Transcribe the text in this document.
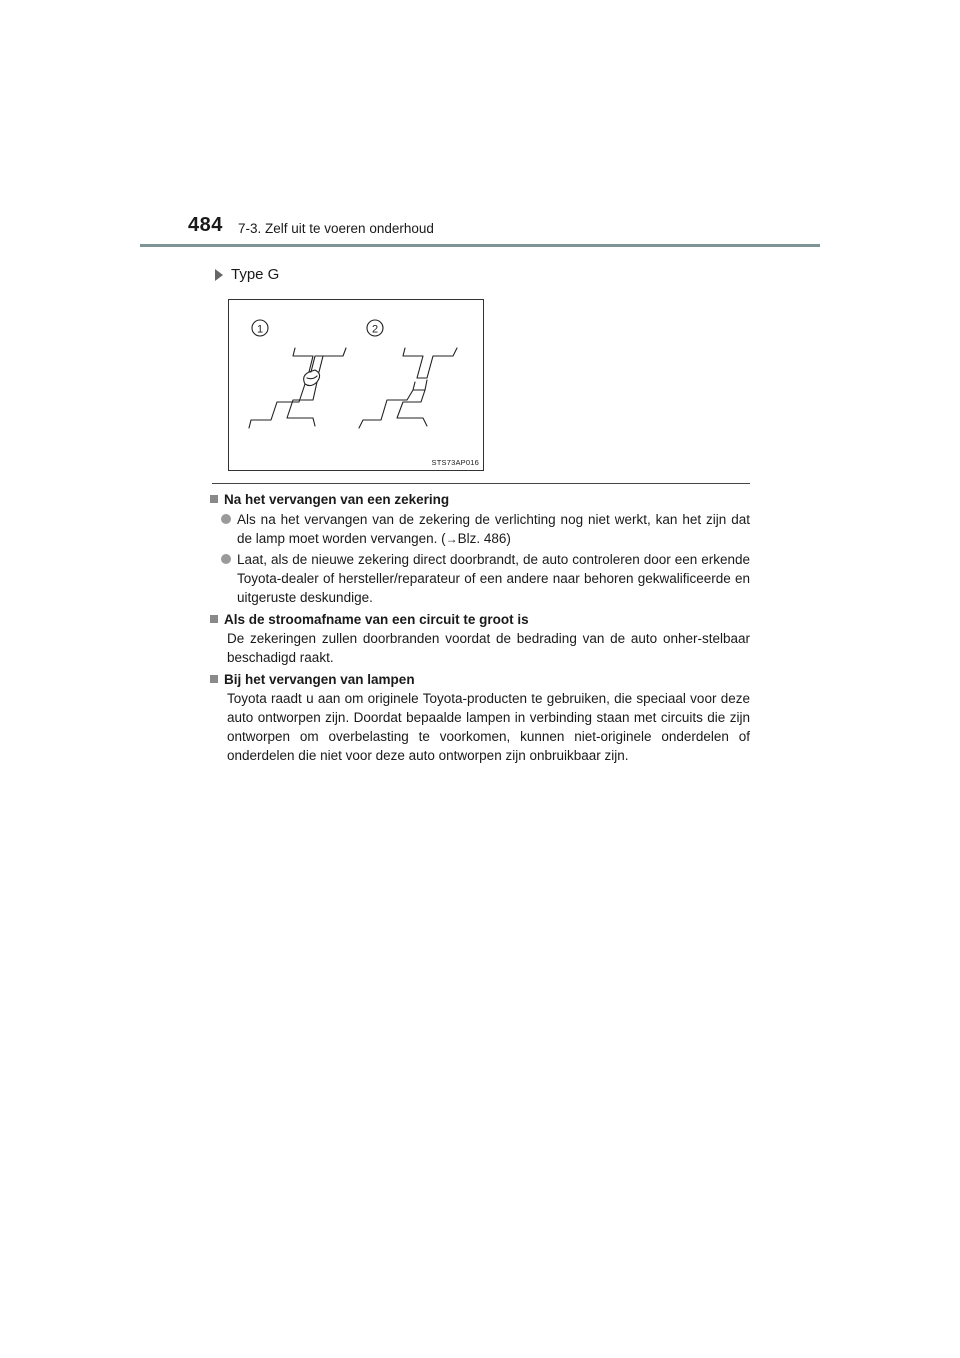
484 7-3. Zelf uit te voeren onderhoud
Type G
1	2
STS73AP016
Na het vervangen van een zekering
Als na het vervangen van de zekering de verlichting nog niet werkt, kan het zijn dat de lamp moet worden vervangen. (→Blz. 486)
Laat, als de nieuwe zekering direct doorbrandt, de auto controleren door een erkende Toyota-dealer of hersteller/reparateur of een andere naar behoren gekwalificeerde en uitgeruste deskundige.
Als de stroomafname van een circuit te groot is
De zekeringen zullen doorbranden voordat de bedrading van de auto onher-stelbaar beschadigd raakt.
Bij het vervangen van lampen
Toyota raadt u aan om originele Toyota-producten te gebruiken, die speciaal voor deze auto ontworpen zijn. Doordat bepaalde lampen in verbinding staan met circuits die zijn ontworpen om overbelasting te voorkomen, kunnen niet-originele onderdelen of onderdelen die niet voor deze auto ontworpen zijn onbruikbaar zijn.
